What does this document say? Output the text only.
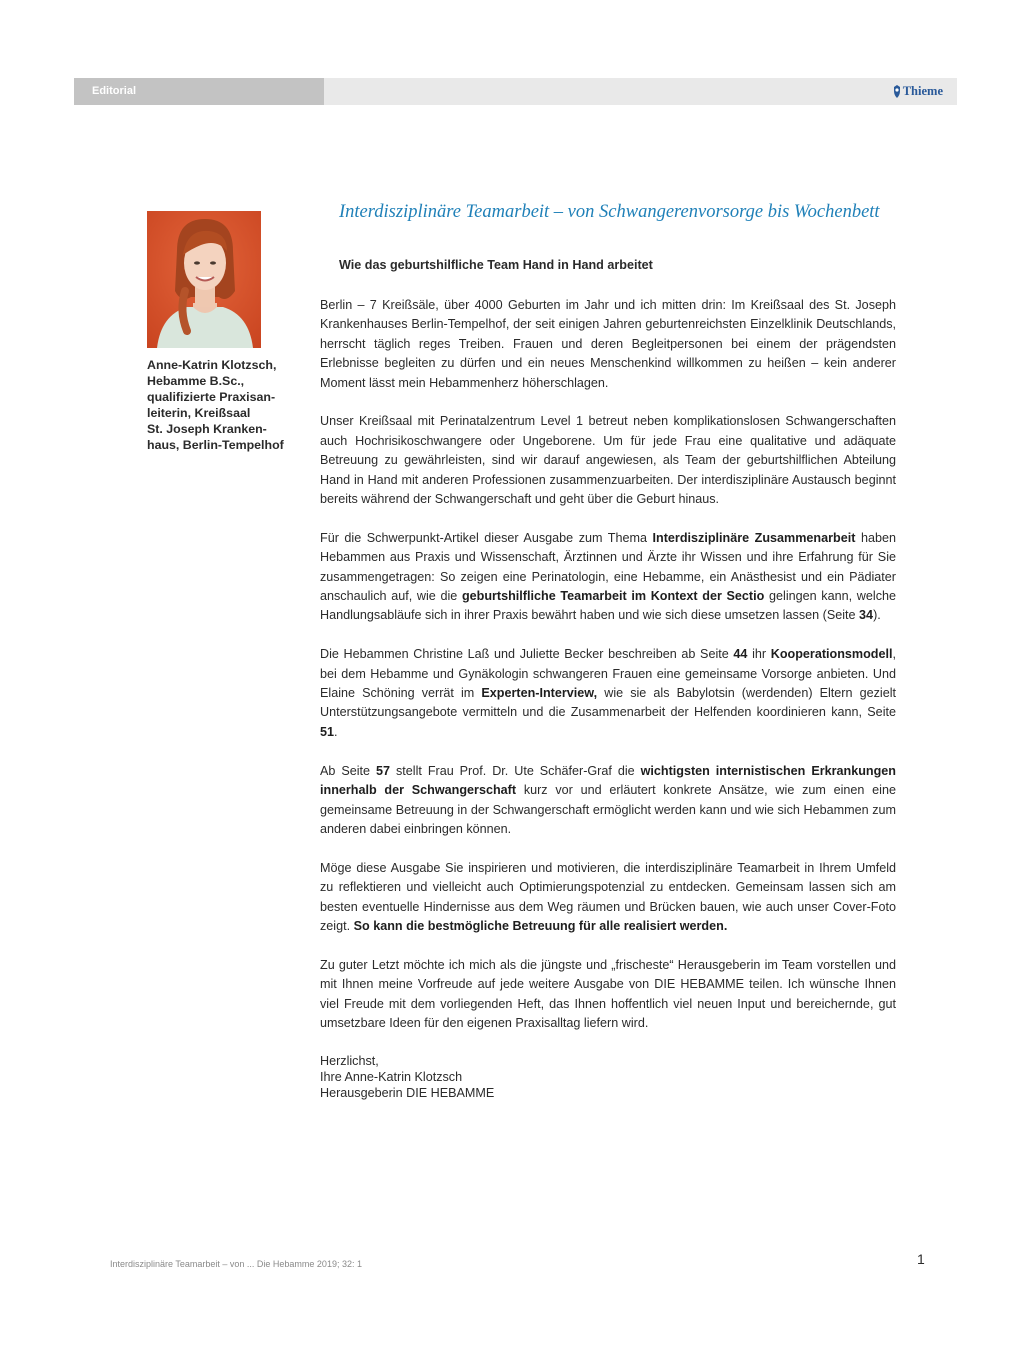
Editorial	Thieme
Anne-Katrin Klotzsch,
Hebamme B.Sc.,
qualifizierte Praxisan-
leiterin, Kreißsaal
St. Joseph Kranken-
haus, Berlin-Tempelhof
Interdisziplinäre Teamarbeit – von Schwangerenvorsorge bis Wochenbett
Wie das geburtshilfliche Team Hand in Hand arbeitet

Berlin – 7 Kreißsäle, über 4000 Geburten im Jahr und ich mitten drin: Im Kreißsaal des St. Joseph Krankenhauses Berlin-Tempelhof, der seit einigen Jahren geburtenreichsten Einzelklinik Deutschlands, herrscht täglich reges Treiben. Frauen und deren Begleitpersonen bei einem der prägendsten Erlebnisse begleiten zu dürfen und ein neues Menschenkind willkommen zu heißen – kein anderer Moment lässt mein Hebammenherz höherschlagen.

Unser Kreißsaal mit Perinatalzentrum Level 1 betreut neben komplikationslosen Schwangerschaften auch Hochrisikoschwangere oder Ungeborene. Um für jede Frau eine qualitative und adäquate Betreuung zu gewährleisten, sind wir darauf angewiesen, als Team der geburtshilflichen Abteilung Hand in Hand mit anderen Professionen zusammenzuarbeiten. Der interdisziplinäre Austausch beginnt bereits während der Schwangerschaft und geht über die Geburt hinaus.

Für die Schwerpunkt-Artikel dieser Ausgabe zum Thema Interdisziplinäre Zusammenarbeit haben Hebammen aus Praxis und Wissenschaft, Ärztinnen und Ärzte ihr Wissen und ihre Erfahrung für Sie zusammengetragen: So zeigen eine Perinatologin, eine Hebamme, ein Anästhesist und ein Pädiater anschaulich auf, wie die geburtshilfliche Teamarbeit im Kontext der Sectio gelingen kann, welche Handlungsabläufe sich in ihrer Praxis bewährt haben und wie sich diese umsetzen lassen (Seite 34).

Die Hebammen Christine Laß und Juliette Becker beschreiben ab Seite 44 ihr Kooperationsmodell, bei dem Hebamme und Gynäkologin schwangeren Frauen eine gemeinsame Vorsorge anbieten. Und Elaine Schöning verrät im Experten-Interview, wie sie als Babylotsin (werdenden) Eltern gezielt Unterstützungsangebote vermitteln und die Zusammenarbeit der Helfenden koordinieren kann, Seite 51.

Ab Seite 57 stellt Frau Prof. Dr. Ute Schäfer-Graf die wichtigsten internistischen Erkrankungen innerhalb der Schwangerschaft kurz vor und erläutert konkrete Ansätze, wie zum einen eine gemeinsame Betreuung in der Schwangerschaft ermöglicht werden kann und wie sich Hebammen zum anderen dabei einbringen können.

Möge diese Ausgabe Sie inspirieren und motivieren, die interdisziplinäre Teamarbeit in Ihrem Umfeld zu reflektieren und vielleicht auch Optimierungspotenzial zu entdecken. Gemeinsam lassen sich am besten eventuelle Hindernisse aus dem Weg räumen und Brücken bauen, wie auch unser Cover-Foto zeigt. So kann die bestmögliche Betreuung für alle realisiert werden.

Zu guter Letzt möchte ich mich als die jüngste und „frischeste“ Herausgeberin im Team vorstellen und mit Ihnen meine Vorfreude auf jede weitere Ausgabe von DIE HEBAMME teilen. Ich wünsche Ihnen viel Freude mit dem vorliegenden Heft, das Ihnen hoffentlich viel neuen Input und bereichernde, gut umsetzbare Ideen für den eigenen Praxisalltag liefern wird.

Herzlichst,
Ihre Anne-Katrin Klotzsch
Herausgeberin DIE HEBAMME
Interdisziplinäre Teamarbeit – von ... Die Hebamme 2019; 32: 1	1
